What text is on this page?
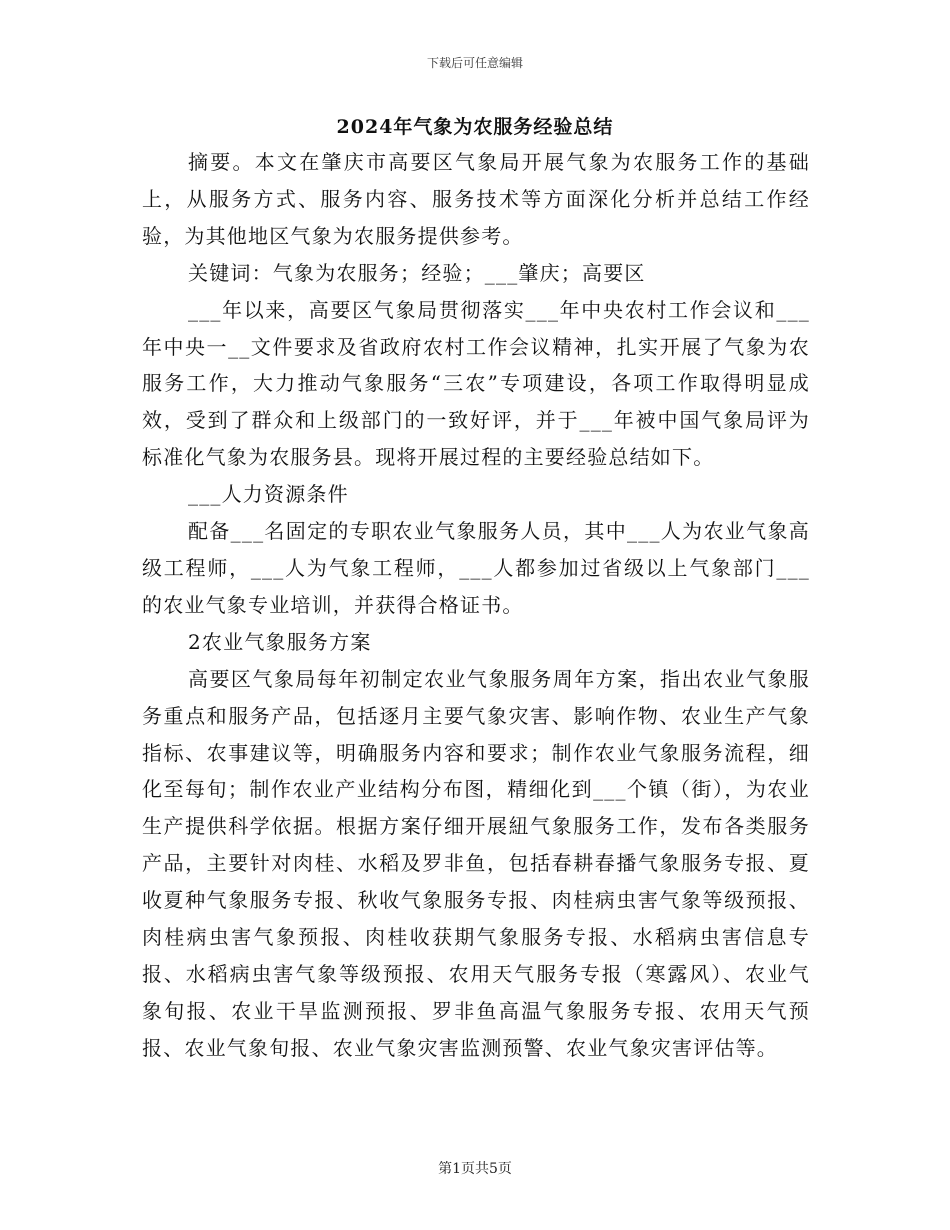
下载后可任意编辑
2024年气象为农服务经验总结

摘要。本文在肇庆市高要区气象局开展气象为农服务工作的基础上，从服务方式、服务内容、服务技术等方面深化分析并总结工作经验，为其他地区气象为农服务提供参考。

关键词：气象为农服务；经验；___肇庆；高要区

___年以来，高要区气象局贯彻落实___年中央农村工作会议和___年中央一__文件要求及省政府农村工作会议精神，扎实开展了气象为农服务工作，大力推动气象服务“三农”专项建设，各项工作取得明显成效，受到了群众和上级部门的一致好评，并于___年被中国气象局评为标准化气象为农服务县。现将开展过程的主要经验总结如下。

___人力资源条件

配备___名固定的专职农业气象服务人员，其中___人为农业气象高级工程师，___人为气象工程师，___人都参加过省级以上气象部门___的农业气象专业培训，并获得合格证书。

2农业气象服务方案

高要区气象局每年初制定农业气象服务周年方案，指出农业气象服务重点和服务产品，包括逐月主要气象灾害、影响作物、农业生产气象指标、农事建议等，明确服务内容和要求；制作农业气象服务流程，细化至每旬；制作农业产业结构分布图，精细化到___个镇（街），为农业生产提供科学依据。根据方案仔细开展紐气象服务工作，发布各类服务产品，主要针对肉桂、水稻及罗非鱼，包括春耕春播气象服务专报、夏收夏种气象服务专报、秋收气象服务专报、肉桂病虫害气象等级预报、肉桂病虫害气象预报、肉桂收获期气象服务专报、水稻病虫害信息专报、水稻病虫害气象等级预报、农用天气服务专报（寒露风）、农业气象旬报、农业干旱监测预报、罗非鱼高温气象服务专报、农用天气预报、农业气象旬报、农业气象灾害监测预警、农业气象灾害评估等。

第1页共5页
